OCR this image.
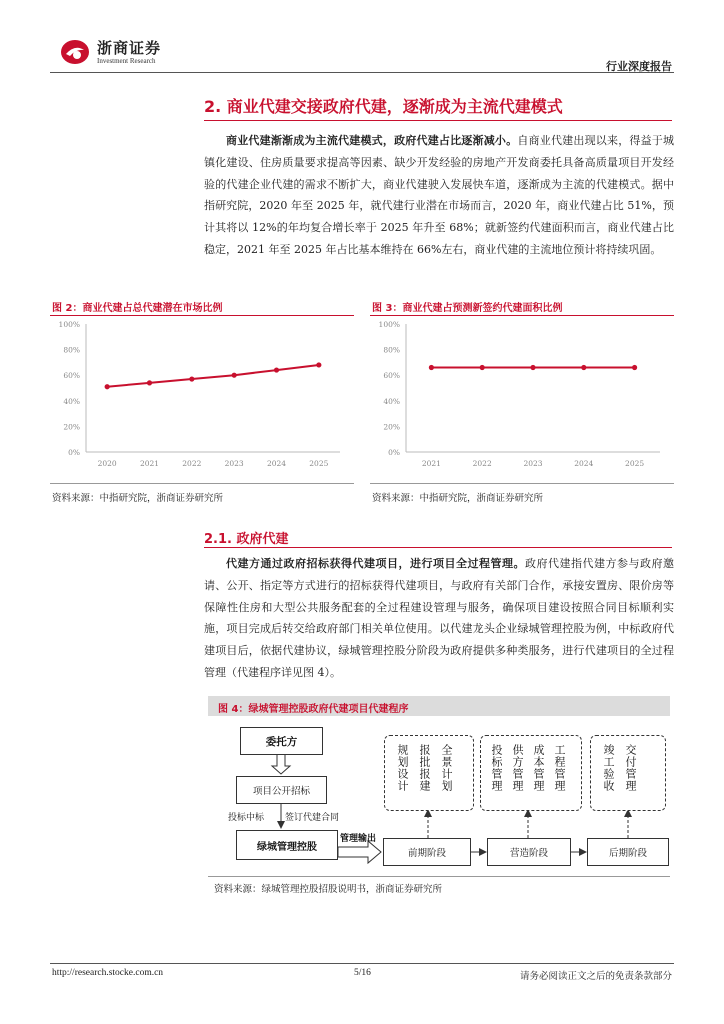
浙商证券
Investment Research	行业深度报告
2. 商业代建交接政府代建，逐渐成为主流代建模式
商业代建渐渐成为主流代建模式，政府代建占比逐渐减小。自商业代建出现以来，得益于城镇化建设、住房质量要求提高等因素、缺少开发经验的房地产开发商委托具备高质量项目开发经验的代建企业代建的需求不断扩大，商业代建驶入发展快车道，逐渐成为主流的代建模式。据中指研究院，2020 年至 2025 年，就代建行业潜在市场而言，2020 年，商业代建占比 51%，预计其将以 12%的年均复合增长率于 2025 年升至 68%；就新签约代建面积而言，商业代建占比稳定，2021 年至 2025 年占比基本维持在 66%左右，商业代建的主流地位预计将持续巩固。
图 2：商业代建占总代建潜在市场比例
0%
20%
40%
60%
80%
100%
2020	2021	2022	2023	2024	2025
资料来源：中指研究院，浙商证券研究所
图 3：商业代建占预测新签约代建面积比例
0%
20%
40%
60%
80%
100%
2021	2022	2023	2024	2025
资料来源：中指研究院，浙商证券研究所
2.1. 政府代建
代建方通过政府招标获得代建项目，进行项目全过程管理。政府代建指代建方参与政府邀请、公开、指定等方式进行的招标获得代建项目，与政府有关部门合作，承接安置房、限价房等保障性住房和大型公共服务配套的全过程建设管理与服务，确保项目建设按照合同目标顺利实施，项目完成后转交给政府部门相关单位使用。以代建龙头企业绿城管理控股为例，中标政府代建项目后，依据代建协议，绿城管理控股分阶段为政府提供多种类服务，进行代建项目的全过程管理（代建程序详见图 4）。
图 4：绿城管理控股政府代建项目代建程序
委托方
项目公开招标
投标中标 签订代建合同
绿城管理控股
管理输出
前期阶段	营造阶段	后期阶段
规划设计 报批报建 全景计划	投标管理 供方管理 成本管理 工程管理	竣工验收 交付管理
资料来源：绿城管理控股招股说明书，浙商证券研究所
http://research.stocke.com.cn	5/16	请务必阅读正文之后的免责条款部分
